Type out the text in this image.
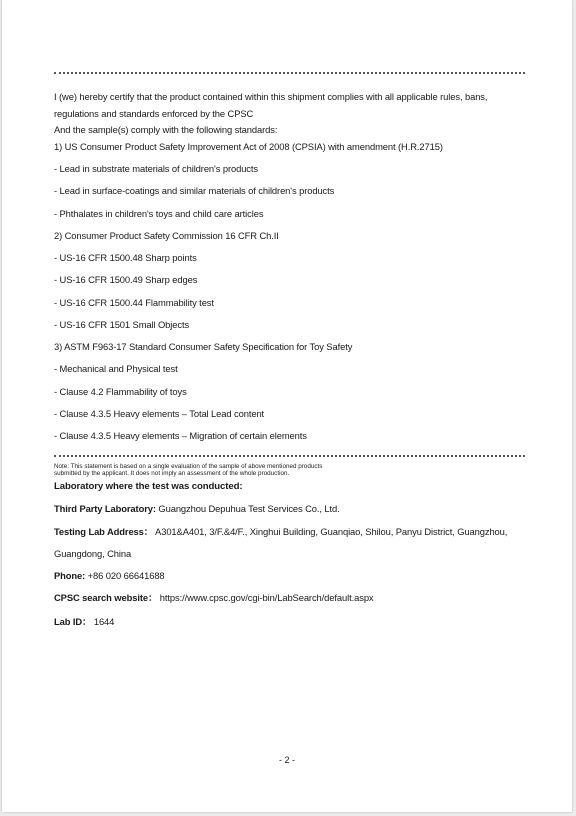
I (we) hereby certify that the product contained within this shipment complies with all applicable rules, bans,
regulations and standards enforced by the CPSC
And the sample(s) comply with the following standards:
1) US Consumer Product Safety Improvement Act of 2008 (CPSIA) with amendment (H.R.2715)
- Lead in substrate materials of children's products
- Lead in surface-coatings and similar materials of children's products
- Phthalates in children's toys and child care articles
2) Consumer Product Safety Commission 16 CFR Ch.II
- US-16 CFR 1500.48 Sharp points
- US-16 CFR 1500.49 Sharp edges
- US-16 CFR 1500.44 Flammability test
- US-16 CFR 1501 Small Objects
3) ASTM F963-17 Standard Consumer Safety Specification for Toy Safety
- Mechanical and Physical test
- Clause 4.2 Flammability of toys
- Clause 4.3.5 Heavy elements – Total Lead content
- Clause 4.3.5 Heavy elements – Migration of certain elements
Note: This statement is based on a single evaluation of the sample of above mentioned products
submitted by the applicant. It does not imply an assessment of the whole production.
Laboratory where the test was conducted:
Third Party Laboratory: Guangzhou Depuhua Test Services Co., Ltd.
Testing Lab Address： A301&A401, 3/F.&4/F., Xinghui Building, Guanqiao, Shilou, Panyu District, Guangzhou,
Guangdong, China
Phone: +86 020 66641688
CPSC search website： https://www.cpsc.gov/cgi-bin/LabSearch/default.aspx
Lab ID： 1644
- 2 -
